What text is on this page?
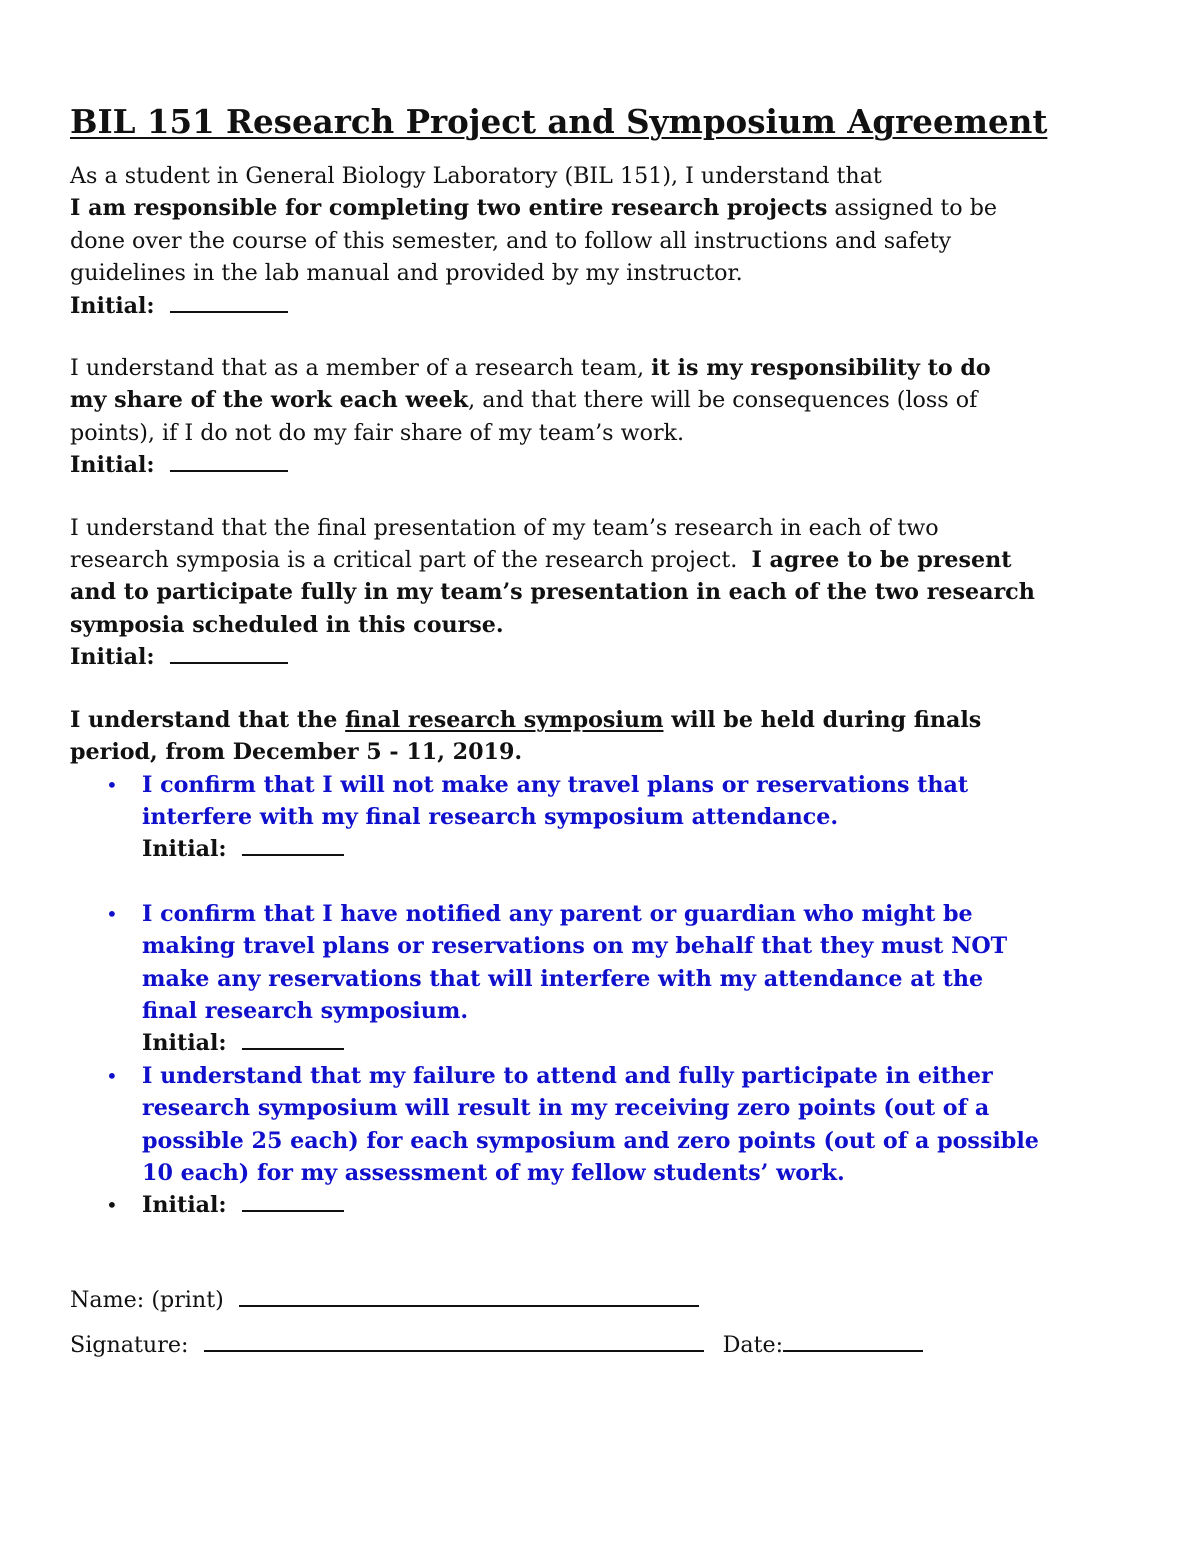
BIL 151 Research Project and Symposium Agreement
As a student in General Biology Laboratory (BIL 151), I understand that
I am responsible for completing two entire research projects assigned to be
done over the course of this semester, and to follow all instructions and safety
guidelines in the lab manual and provided by my instructor.
Initial:
I understand that as a member of a research team, it is my responsibility to do
my share of the work each week, and that there will be consequences (loss of
points), if I do not do my fair share of my team’s work.
Initial:
I understand that the final presentation of my team’s research in each of two
research symposia is a critical part of the research project.  I agree to be present
and to participate fully in my team’s presentation in each of the two research
symposia scheduled in this course.
Initial:
I understand that the final research symposium will be held during finals
period, from December 5 - 11, 2019.
• I confirm that I will not make any travel plans or reservations that
interfere with my final research symposium attendance.
Initial:
• I confirm that I have notified any parent or guardian who might be
making travel plans or reservations on my behalf that they must NOT
make any reservations that will interfere with my attendance at the
final research symposium.
Initial:
• I understand that my failure to attend and fully participate in either
research symposium will result in my receiving zero points (out of a
possible 25 each) for each symposium and zero points (out of a possible
10 each) for my assessment of my fellow students’ work.
• Initial:
Name: (print)
Signature:	Date:
